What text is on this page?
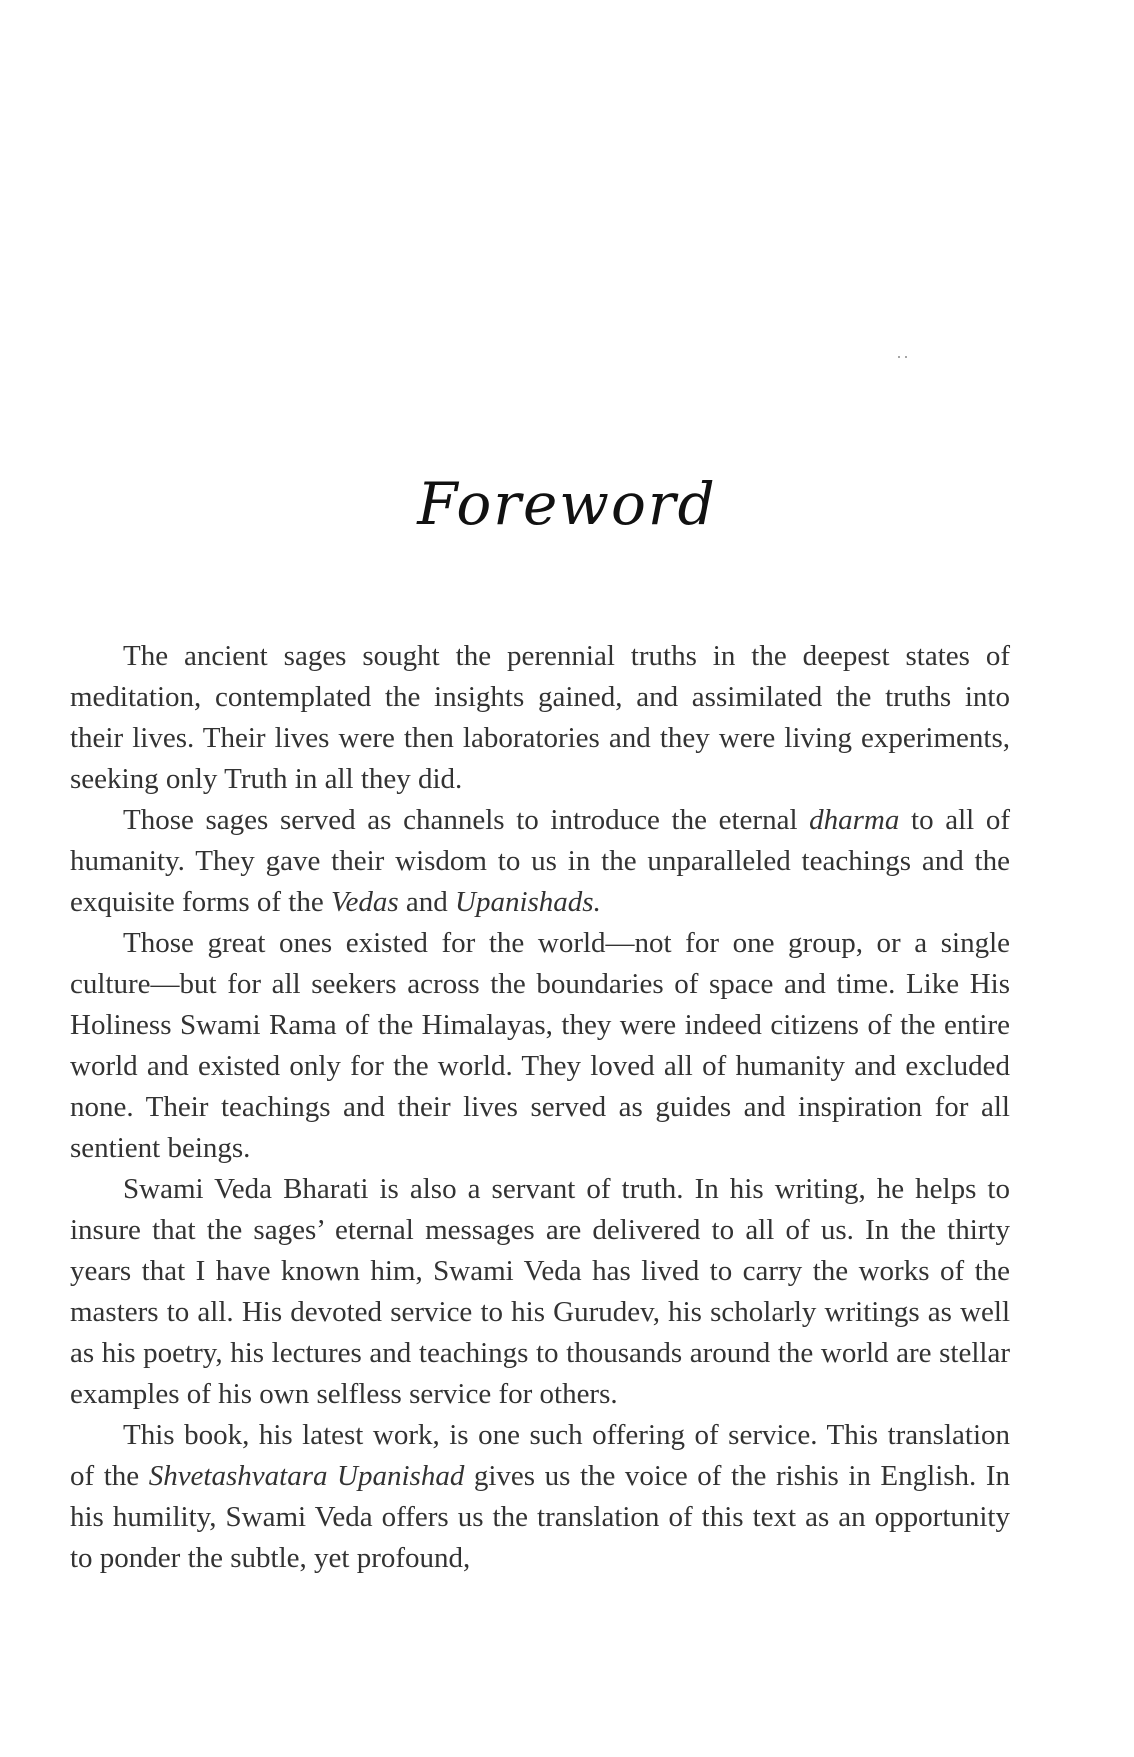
Foreword

The ancient sages sought the perennial truths in the deepest states of meditation, contemplated the insights gained, and assimilated the truths into their lives. Their lives were then laboratories and they were living experiments, seeking only Truth in all they did.

Those sages served as channels to introduce the eternal dharma to all of humanity. They gave their wisdom to us in the unparalleled teachings and the exquisite forms of the Vedas and Upanishads.

Those great ones existed for the world—not for one group, or a single culture—but for all seekers across the boundaries of space and time. Like His Holiness Swami Rama of the Himalayas, they were indeed citizens of the entire world and existed only for the world. They loved all of humanity and excluded none. Their teachings and their lives served as guides and inspiration for all sentient beings.

Swami Veda Bharati is also a servant of truth. In his writing, he helps to insure that the sages’ eternal messages are delivered to all of us. In the thirty years that I have known him, Swami Veda has lived to carry the works of the masters to all. His devoted service to his Gurudev, his scholarly writings as well as his poetry, his lectures and teachings to thousands around the world are stellar examples of his own selfless service for others.

This book, his latest work, is one such offering of service. This translation of the Shvetashvatara Upanishad gives us the voice of the rishis in English. In his humility, Swami Veda offers us the translation of this text as an opportunity to ponder the subtle, yet profound,
